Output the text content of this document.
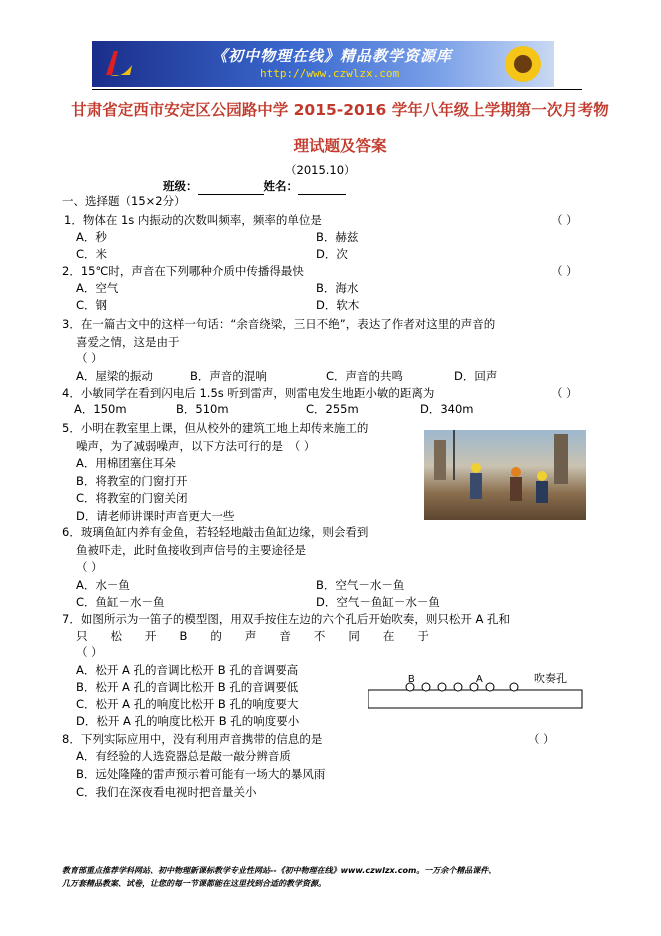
《初中物理在线》精品教学资源库
http://www.czwlzx.com
甘肃省定西市安定区公园路中学 2015-2016 学年八年级上学期第一次月考物
理试题及答案
（2015.10）
班级：	姓名：
一、选择题（15×2分）
1．物体在 1s 内振动的次数叫频率，频率的单位是	（ ）
A．秒	B．赫兹
C．米	D．次
2．15℃时，声音在下列哪种介质中传播得最快	（ ）
A．空气	B．海水
C．钢	D．软木
3．在一篇古文中的这样一句话：“余音绕梁，三日不绝”，表达了作者对这里的声音的
喜爱之情，这是由于
（ ）
A．屋梁的振动	B．声音的混响	C．声音的共鸣	D．回声
4．小敏同学在看到闪电后 1.5s 听到雷声，则雷电发生地距小敏的距离为	（ ）
A．150m	B．510m	C．255m	D．340m
5．小明在教室里上课，但从校外的建筑工地上却传来施工的
噪声，为了减弱噪声，以下方法可行的是　（ ）
A．用棉团塞住耳朵
B．将教室的门窗打开
C．将教室的门窗关闭
D．请老师讲课时声音更大一些
6．玻璃鱼缸内养有金鱼，若轻轻地敲击鱼缸边缘，则会看到
鱼被吓走，此时鱼接收到声信号的主要途径是
（ ）
A．水－鱼	B．空气－水－鱼
C．鱼缸－水－鱼	D．空气－鱼缸－水－鱼
7．如图所示为一笛子的模型图，用双手按住左边的六个孔后开始吹奏，则只松开 A 孔和
只　　松　　开　　B　　的　　声　　音　　不　　同　　在　　于
（ ）
A．松开 A 孔的音调比松开 B 孔的音调要高
B．松开 A 孔的音调比松开 B 孔的音调要低
C．松开 A 孔的响度比松开 B 孔的响度要大
D．松开 A 孔的响度比松开 B 孔的响度要小
B	A	吹奏孔
8．下列实际应用中，没有利用声音携带的信息的是	（ ）
A．有经验的人选瓷器总是敲一敲分辨音质
B．远处隆隆的雷声预示着可能有一场大的暴风雨
C．我们在深夜看电视时把音量关小
教育部重点推荐学科网站、初中物理新课标教学专业性网站--《初中物理在线》www.czwlzx.com。一万余个精品课件、
几万套精品教案、试卷，让您的每一节课都能在这里找到合适的教学资源。
